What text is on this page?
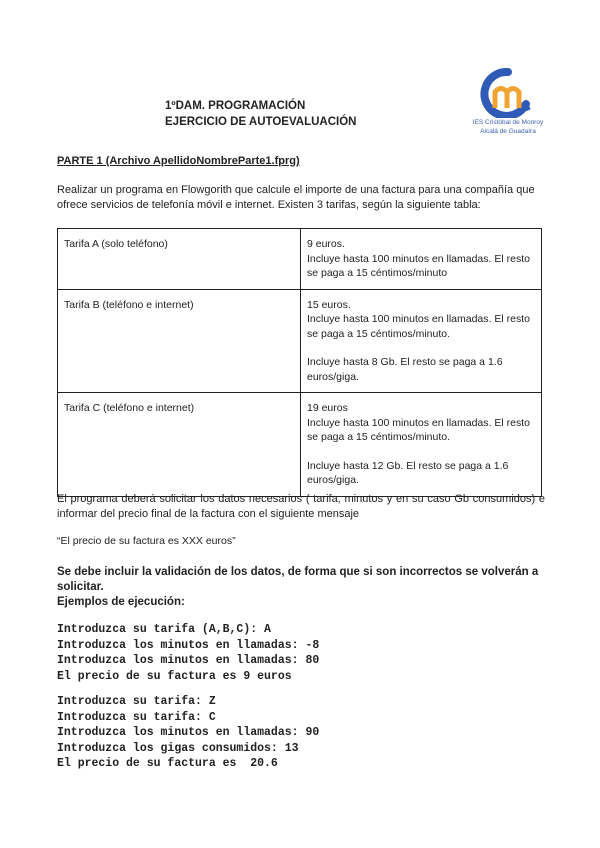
1ºDAM. PROGRAMACIÓN
EJERCICIO DE AUTOEVALUACIÓN	IES Cristóbal de Monroy
Alcalá de Guadaíra
PARTE 1 (Archivo ApellidoNombreParte1.fprg)
Realizar un programa en Flowgorith que calcule el importe de una factura para una compañía que ofrece servicios de telefonía móvil e internet. Existen 3 tarifas, según la siguiente tabla:
Tarifa A (solo teléfono)	9 euros.
Incluye hasta 100 minutos en llamadas. El resto se paga a 15 céntimos/minuto

Tarifa B (teléfono e internet)	15 euros.
Incluye hasta 100 minutos en llamadas. El resto se paga a 15 céntimos/minuto.
Incluye hasta 8 Gb. El resto se paga a 1.6 euros/giga.

Tarifa C (teléfono e internet)	19 euros
Incluye hasta 100 minutos en llamadas. El resto se paga a 15 céntimos/minuto.
Incluye hasta 12 Gb. El resto se paga a 1.6 euros/giga.
El programa deberá solicitar los datos necesarios ( tarifa, minutos y en su caso Gb consumidos) e informar del precio final de la factura con el siguiente mensaje
“El precio de su factura es XXX euros”
Se debe incluir la validación de los datos, de forma que si son incorrectos se volverán a solicitar.
Ejemplos de ejecución:
Introduzca su tarifa (A,B,C): A
Introduzca los minutos en llamadas: -8
Introduzca los minutos en llamadas: 80
El precio de su factura es 9 euros
Introduzca su tarifa: Z
Introduzca su tarifa: C
Introduzca los minutos en llamadas: 90
Introduzca los gigas consumidos: 13
El precio de su factura es  20.6
